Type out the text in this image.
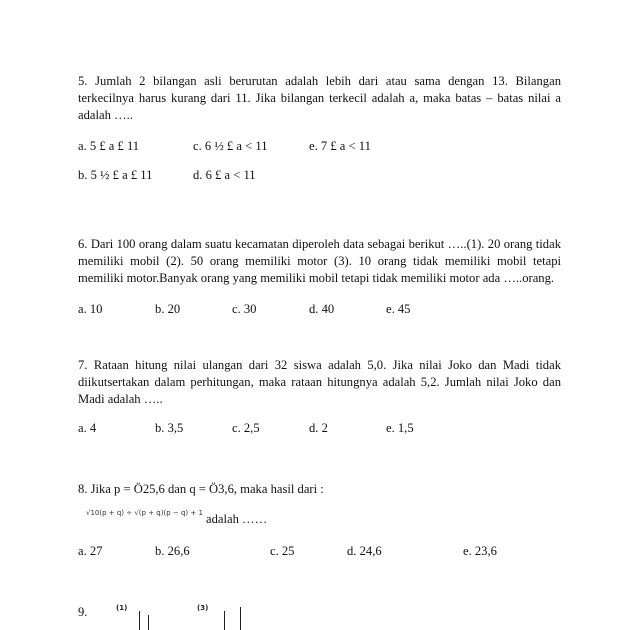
5. Jumlah 2 bilangan asli berurutan adalah lebih dari atau sama dengan 13. Bilangan terkecilnya harus kurang dari 11. Jika bilangan terkecil adalah a, maka batas – batas nilai a adalah …..

a. 5 £ a £ 11	c. 6 ½ £ a < 11	e. 7 £ a < 11
b. 5 ½ £ a £ 11	d. 6 £ a < 11

6. Dari 100 orang dalam suatu kecamatan diperoleh data sebagai berikut …..(1). 20 orang tidak memiliki mobil (2). 50 orang memiliki motor (3). 10 orang tidak memiliki mobil tetapi memiliki motor.Banyak orang yang memiliki mobil tetapi tidak memiliki motor ada …..orang.

a. 10	b. 20	c. 30	d. 40	e. 45

7. Rataan hitung nilai ulangan dari 32 siswa adalah 5,0. Jika nilai Joko dan Madi tidak diikutsertakan dalam perhitungan, maka rataan hitungnya adalah 5,2. Jumlah nilai Joko dan Madi adalah …..

a. 4	b. 3,5	c. 2,5	d. 2	e. 1,5
8. Jika p = Ö25,6 dan q = Ö3,6, maka hasil dari :
√10(p + q) ÷ √(p + q)(p − q) + 1 adalah ……
a. 27	b. 26,6	c. 25	d. 24,6	e. 23,6
9.	(1)	(3)
